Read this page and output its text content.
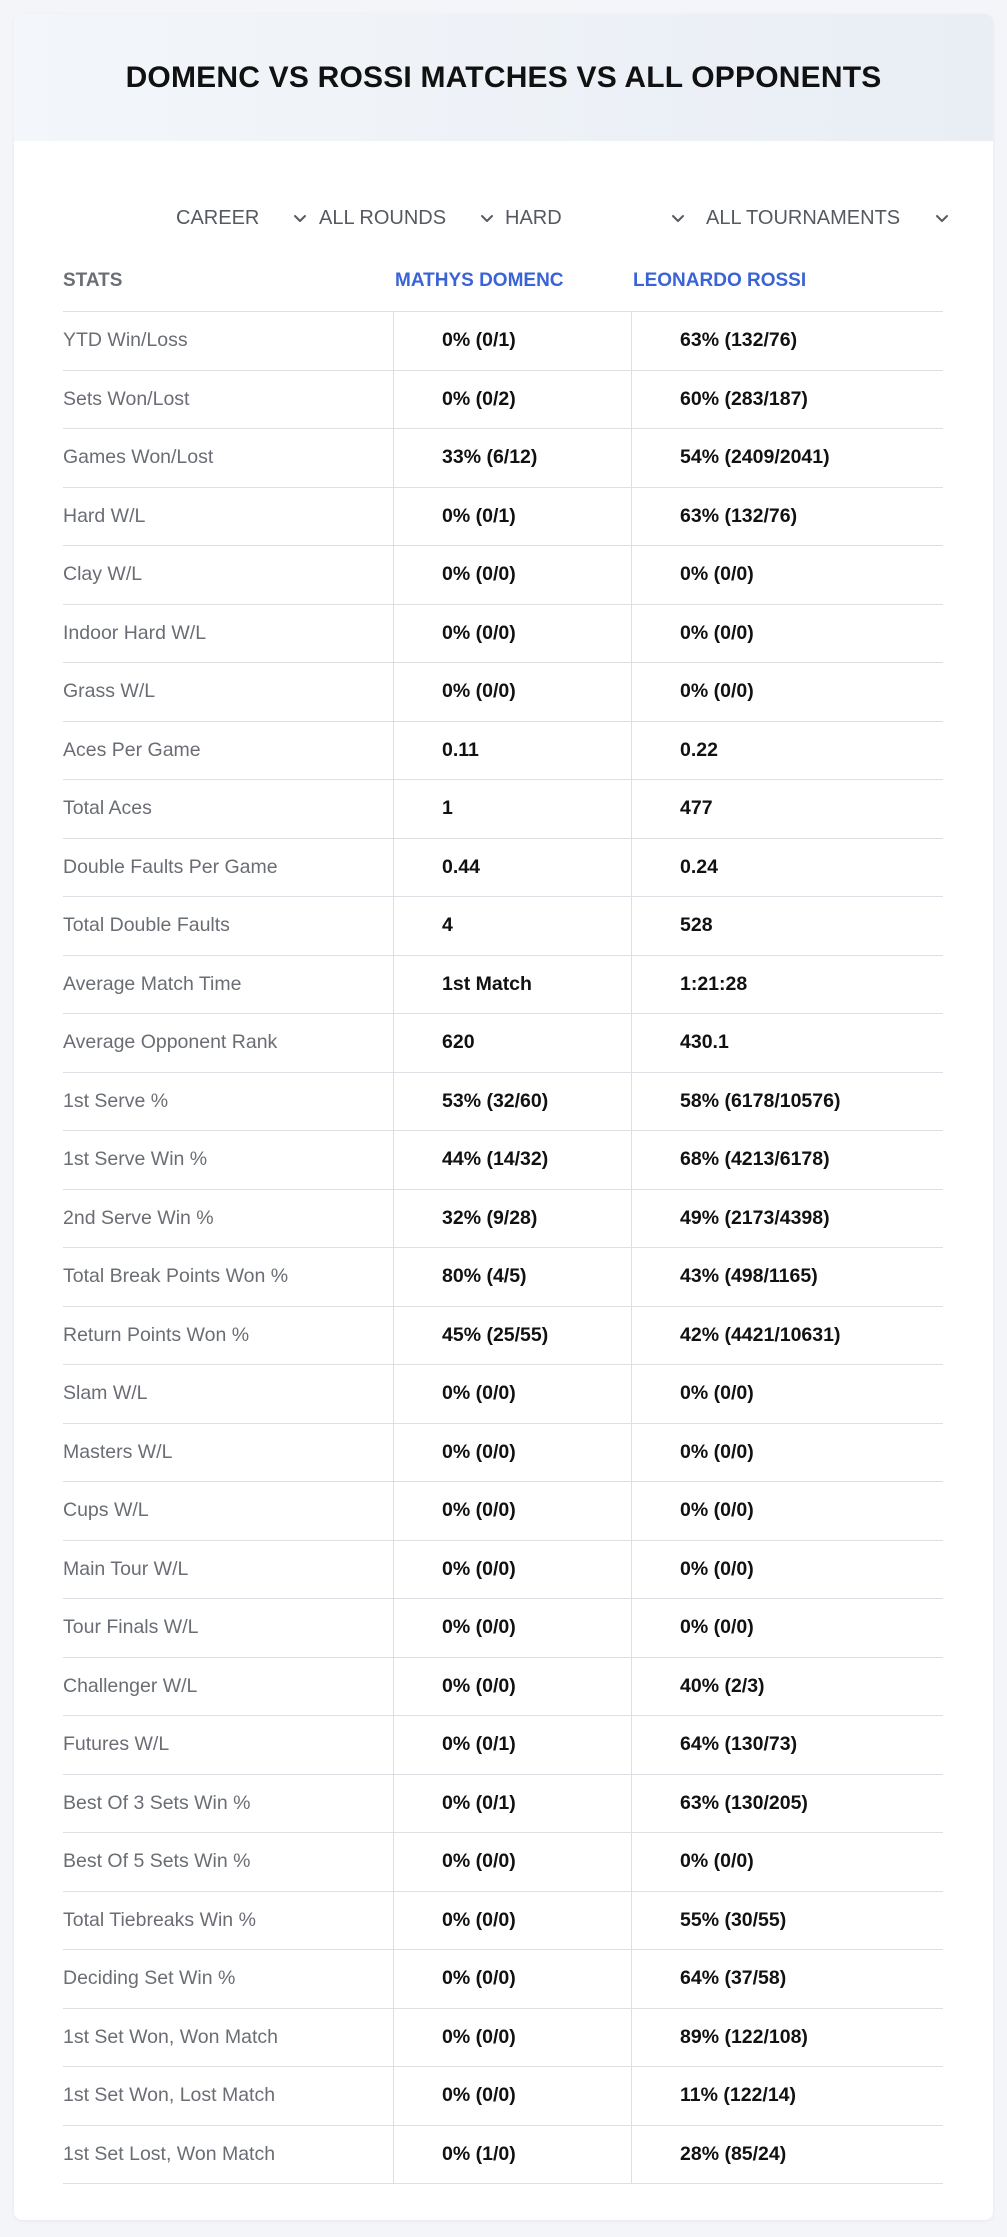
DOMENC VS ROSSI MATCHES VS ALL OPPONENTS
CAREER	ALL ROUNDS	HARD	ALL TOURNAMENTS
STATS	MATHYS DOMENC	LEONARDO ROSSI
YTD Win/Loss	0% (0/1)	63% (132/76)
Sets Won/Lost	0% (0/2)	60% (283/187)
Games Won/Lost	33% (6/12)	54% (2409/2041)
Hard W/L	0% (0/1)	63% (132/76)
Clay W/L	0% (0/0)	0% (0/0)
Indoor Hard W/L	0% (0/0)	0% (0/0)
Grass W/L	0% (0/0)	0% (0/0)
Aces Per Game	0.11	0.22
Total Aces	1	477
Double Faults Per Game	0.44	0.24
Total Double Faults	4	528
Average Match Time	1st Match	1:21:28
Average Opponent Rank	620	430.1
1st Serve %	53% (32/60)	58% (6178/10576)
1st Serve Win %	44% (14/32)	68% (4213/6178)
2nd Serve Win %	32% (9/28)	49% (2173/4398)
Total Break Points Won %	80% (4/5)	43% (498/1165)
Return Points Won %	45% (25/55)	42% (4421/10631)
Slam W/L	0% (0/0)	0% (0/0)
Masters W/L	0% (0/0)	0% (0/0)
Cups W/L	0% (0/0)	0% (0/0)
Main Tour W/L	0% (0/0)	0% (0/0)
Tour Finals W/L	0% (0/0)	0% (0/0)
Challenger W/L	0% (0/0)	40% (2/3)
Futures W/L	0% (0/1)	64% (130/73)
Best Of 3 Sets Win %	0% (0/1)	63% (130/205)
Best Of 5 Sets Win %	0% (0/0)	0% (0/0)
Total Tiebreaks Win %	0% (0/0)	55% (30/55)
Deciding Set Win %	0% (0/0)	64% (37/58)
1st Set Won, Won Match	0% (0/0)	89% (122/108)
1st Set Won, Lost Match	0% (0/0)	11% (122/14)
1st Set Lost, Won Match	0% (1/0)	28% (85/24)
